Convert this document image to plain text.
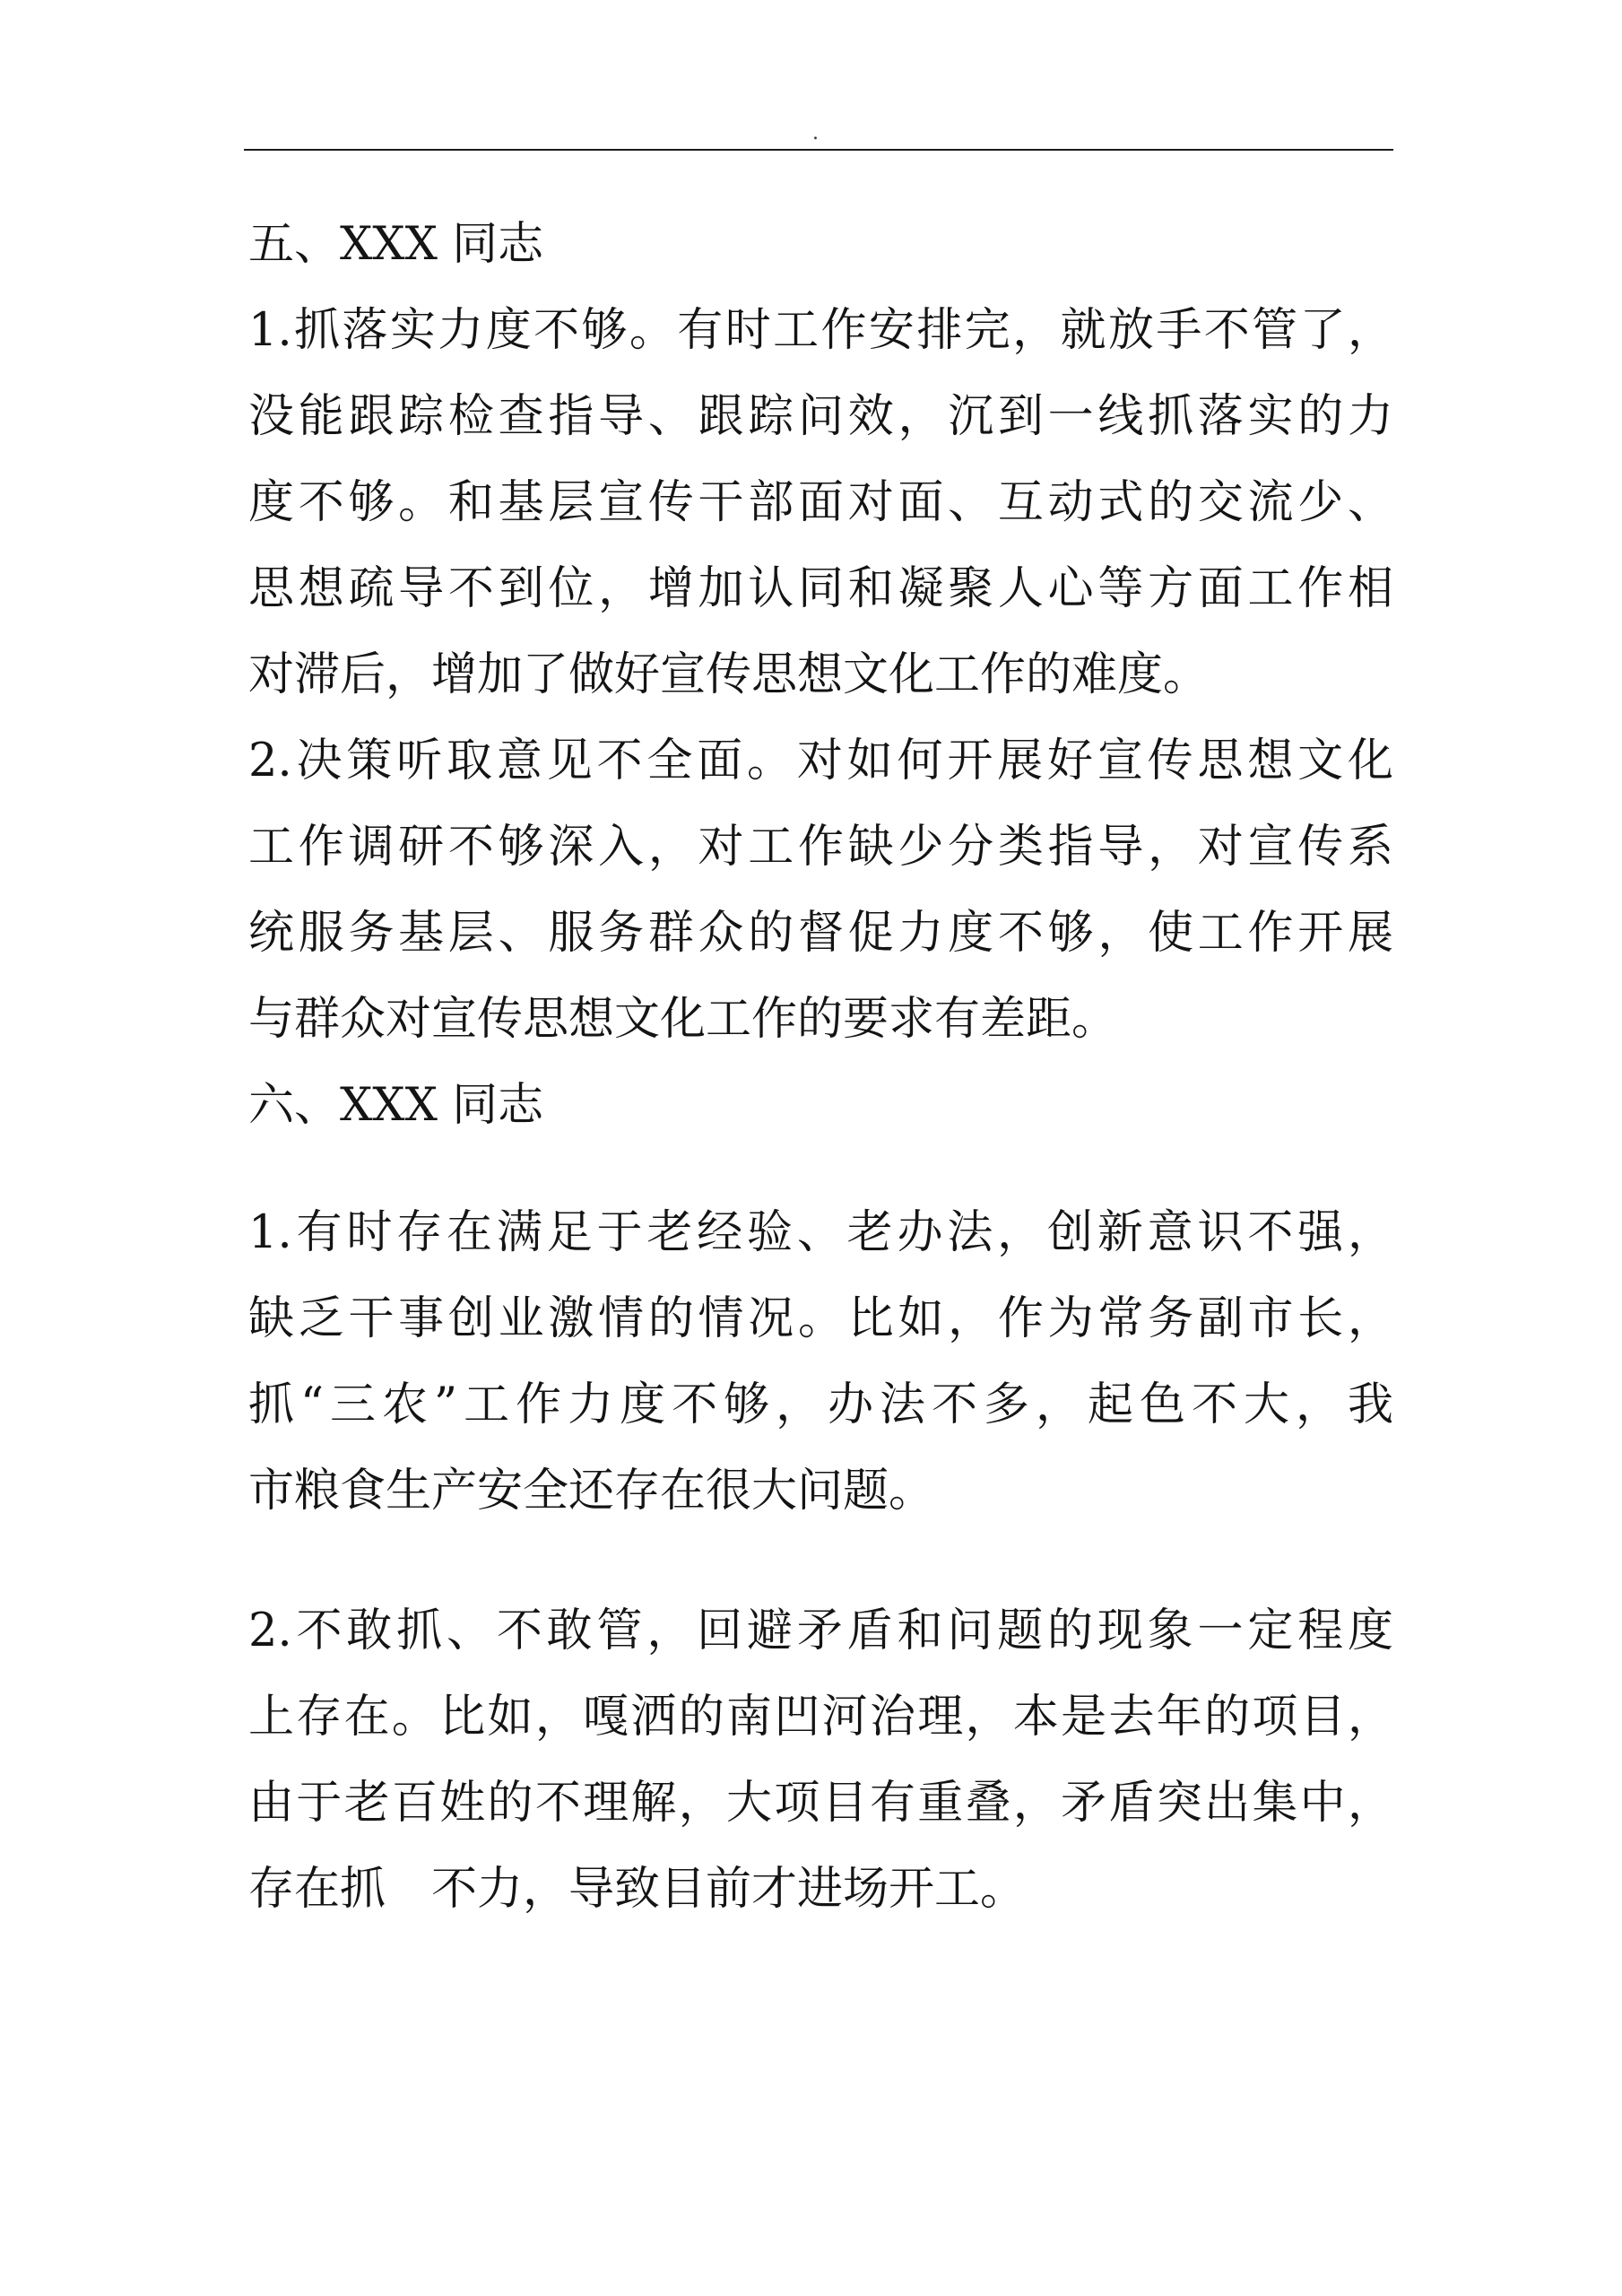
.
五、XXX 同志
1.抓落实力度不够。有时工作安排完，就放手不管了，
没能跟踪检查指导、跟踪问效，沉到一线抓落实的力
度不够。和基层宣传干部面对面、互动式的交流少、
思想疏导不到位，增加认同和凝聚人心等方面工作相
对滞后，增加了做好宣传思想文化工作的难度。
2.决策听取意见不全面。对如何开展好宣传思想文化
工作调研不够深入，对工作缺少分类指导，对宣传系
统服务基层、服务群众的督促力度不够，使工作开展
与群众对宣传思想文化工作的要求有差距。
六、XXX 同志
1.有时存在满足于老经验、老办法，创新意识不强，
缺乏干事创业激情的情况。比如，作为常务副市长，
抓“三农”工作力度不够，办法不多，起色不大，我
市粮食生产安全还存在很大问题。
2.不敢抓、不敢管，回避矛盾和问题的现象一定程度
上存在。比如，嘎洒的南凹河治理，本是去年的项目，
由于老百姓的不理解，大项目有重叠，矛盾突出集中，
存在抓　不力，导致目前才进场开工。
